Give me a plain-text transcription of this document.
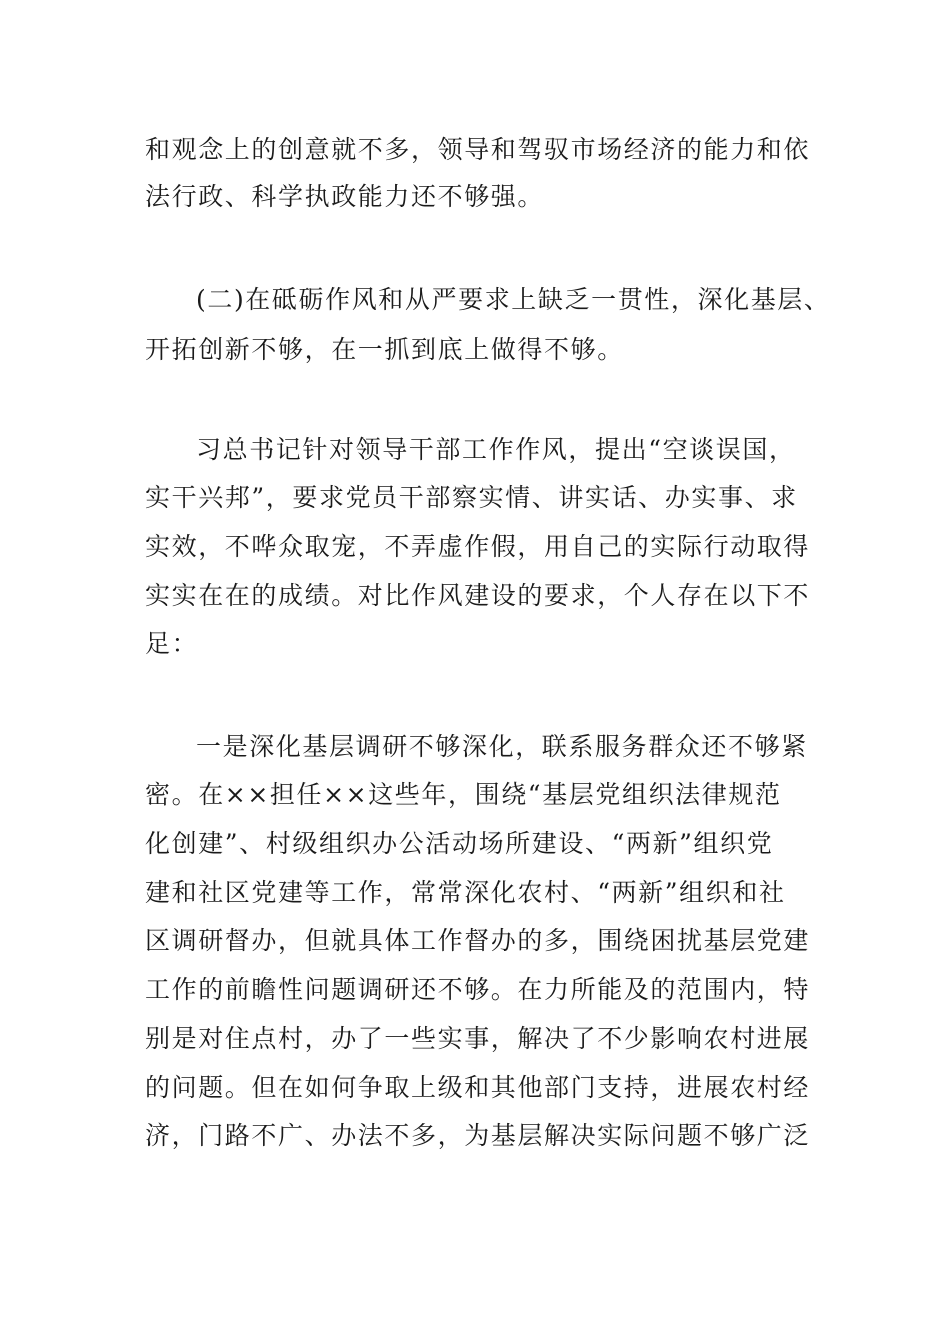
和观念上的创意就不多，领导和驾驭市场经济的能力和依
法行政、科学执政能力还不够强。
(二)在砥砺作风和从严要求上缺乏一贯性，深化基层、
开拓创新不够，在一抓到底上做得不够。
习总书记针对领导干部工作作风，提出“空谈误国，
实干兴邦”，要求党员干部察实情、讲实话、办实事、求
实效，不哗众取宠，不弄虚作假，用自己的实际行动取得
实实在在的成绩。对比作风建设的要求，个人存在以下不
足：
一是深化基层调研不够深化，联系服务群众还不够紧
密。在××担任××这些年，围绕“基层党组织法律规范
化创建”、村级组织办公活动场所建设、“两新”组织党
建和社区党建等工作，常常深化农村、“两新”组织和社
区调研督办，但就具体工作督办的多，围绕困扰基层党建
工作的前瞻性问题调研还不够。在力所能及的范围内，特
别是对住点村，办了一些实事，解决了不少影响农村进展
的问题。但在如何争取上级和其他部门支持，进展农村经
济，门路不广、办法不多，为基层解决实际问题不够广泛
